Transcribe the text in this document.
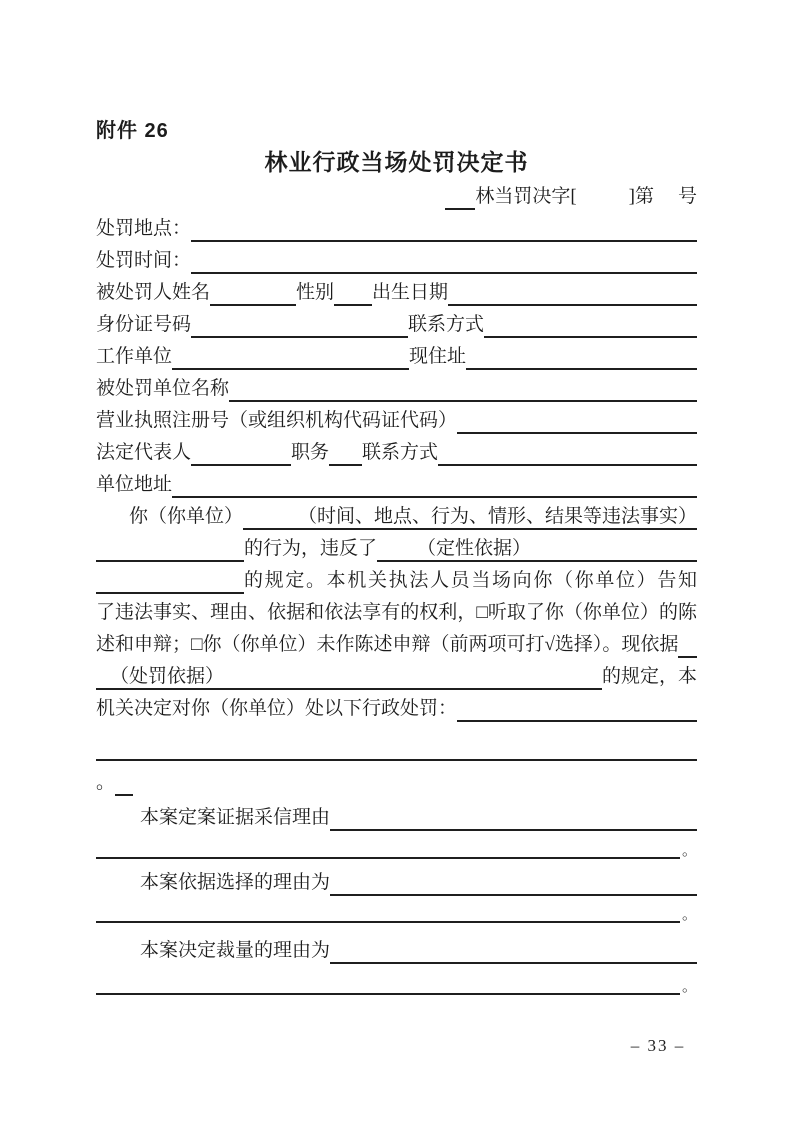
附件 26
林业行政当场处罚决定书
林当罚决字[	]第 号
处罚地点：
处罚时间：
被处罚人姓名	性别 出生日期
身份证号码	联系方式
工作单位	现住址
被处罚单位名称
营业执照注册号（或组织机构代码证代码）
法定代表人	职务 联系方式
单位地址
你（你单位）	（时间、地点、行为、情形、结果等违法事实）
的行为，违反了	（定性依据）
的规定。本机关执法人员当场向你（你单位）告知
了违法事实、理由、依据和依法享有的权利，□听取了你（你单位）的陈
述和申辩；□你（你单位）未作陈述申辩（前两项可打√选择）。现依据
（处罚依据）	的规定，本
机关决定对你（你单位）处以下行政处罚：
。
本案定案证据采信理由
。
本案依据选择的理由为
。
本案决定裁量的理由为
。
– 33 –
